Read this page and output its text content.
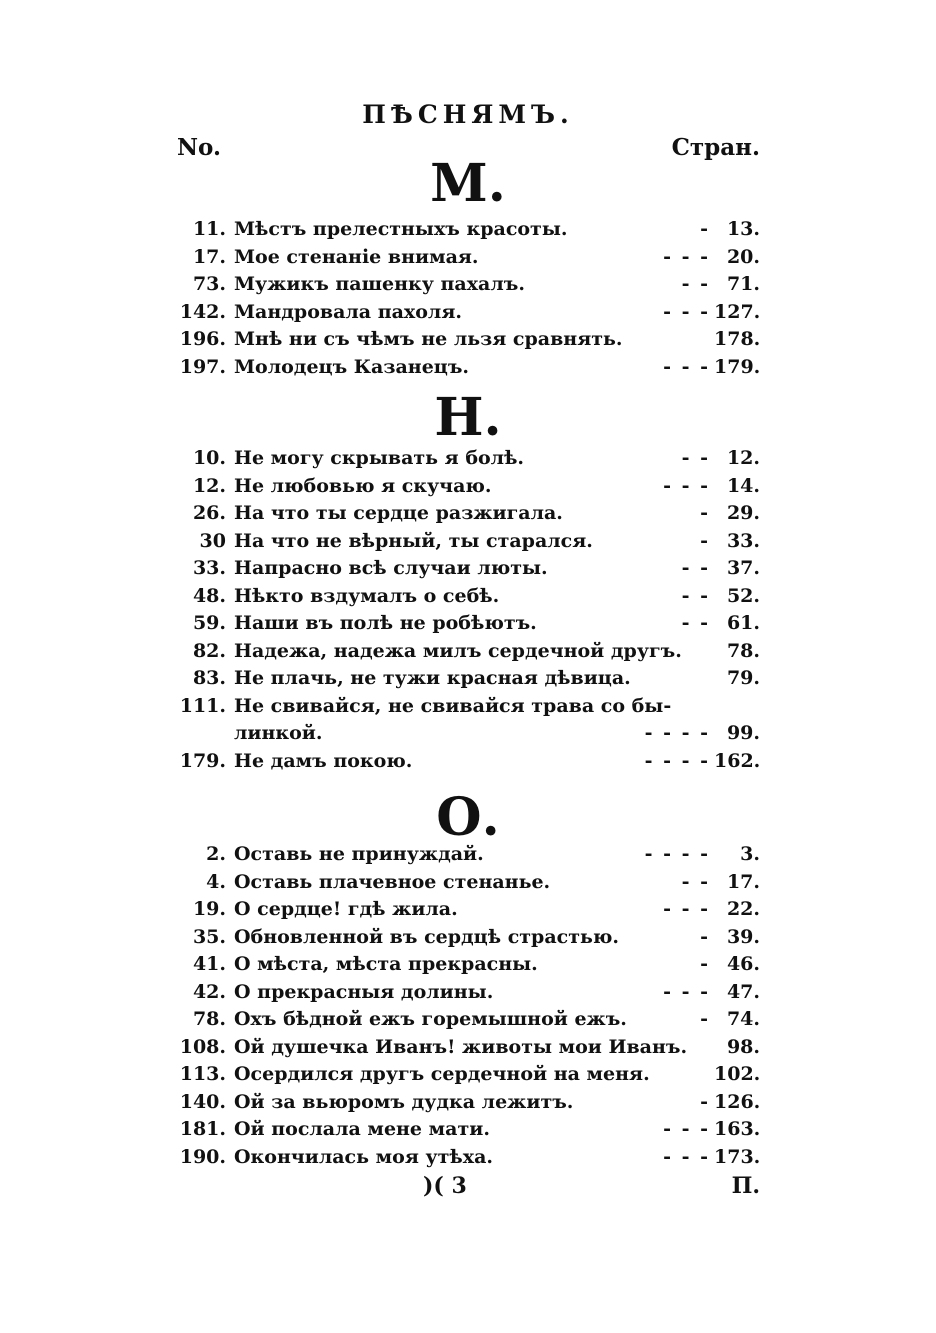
ПѢСНЯМЪ.
No.	Стран.
М.
11. Мѣстъ прелестныхъ красоты.	- 13.
17. Мое стенаніе внимая.	- - - 20.
73. Мужикъ пашенку пахалъ.	- - 71.
142. Мандровала пахоля.	- - - 127.
196. Мнѣ ни съ чѣмъ не льзя сравнять.	178.
197. Молодецъ Казанецъ.	- - - 179.
Н.
10. Не могу скрывать я болѣ.	- - 12.
12. Не любовью я скучаю.	- - - 14.
26. На что ты сердце разжигала.	- 29.
30 На что не вѣрный, ты старался.	- 33.
33. Напрасно всѣ случаи люты.	- - 37.
48. Нѣкто вздумалъ о себѣ.	- - 52.
59. Наши въ полѣ не робѣютъ.	- - 61.
82. Надежа, надежа милъ сердечной другъ.	78.
83. Не плачь, не тужи красная дѣвица.	79.
111. Не свивайся, не свивайся трава со бы-
линкой.	- - - - 99.
179. Не дамъ покою.	- - - - 162.
О.
2. Оставь не принуждай.	- - - -	3.
4. Оставь плачевное стенанье.	- - 17.
19. О сердце! гдѣ жила.	- - - 22.
35. Обновленной въ сердцѣ страстью.	- 39.
41. О мѣста, мѣста прекрасны.	- 46.
42. О прекрасныя долины.	- - - 47.
78. Охъ бѣдной ежъ горемышной ежъ.	- 74.
108. Ой душечка Иванъ! животы мои Иванъ.	98.
113. Осердился другъ сердечной на меня.	102.
140. Ой за вьюромъ дудка лежитъ.	- 126.
181. Ой послала мене мати.	- - - 163.
190. Окончилась моя утѣха.	- - - 173.
)( 3	П.
